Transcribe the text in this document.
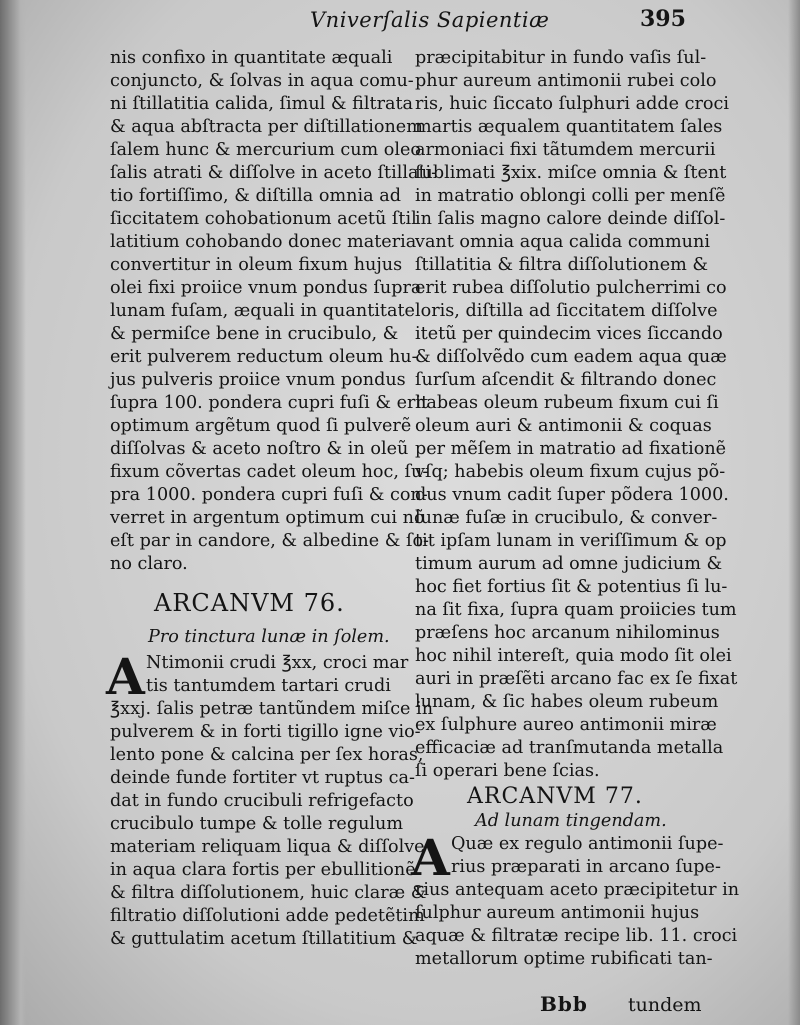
Vniverſalis Sapientiæ	395
nis confixo in quantitate æquali
conjuncto, & ſolvas in aqua comu-
ni ſtillatitia calida, ſimul & filtrata
& aqua abſtracta per diſtillationem
ſalem hunc & mercurium cum oleo
ſalis atrati & diſſolve in aceto ſtillati-
tio fortiſſimo, & diſtilla omnia ad
ſiccitatem cohobationum acetũ ſtil
latitium cohobando donec materia
convertitur in oleum fixum hujus
olei fixi proiice vnum pondus ſupra
lunam fuſam, æquali in quantitate
& permiſce bene in crucibulo, &
erit pulverem reductum oleum hu-
jus pulveris proiice vnum pondus
ſupra 100. pondera cupri fuſi & erit
optimum argẽtum quod ſi pulverẽ
diſſolvas & aceto noſtro & in oleũ
fixum cõvertas cadet oleum hoc, ſu-
pra 1000. pondera cupri fuſi & con-
verret in argentum optimum cui nõ
eſt par in candore, & albedine & ſo-
no claro.
ARCANVM 76.
Pro tinctura lunæ in ſolem.
A Ntimonii crudi ℥xx, croci mar
tis tantumdem tartari crudi
℥xxj. ſalis petræ tantũndem miſce in
pulverem & in forti tigillo igne vio-
lento pone & calcina per ſex horas,
deinde funde fortiter vt ruptus ca-
dat in fundo crucibuli refrigefacto
crucibulo tumpe & tolle regulum
materiam reliquam liqua & diſſolve
in aqua clara fortis per ebullitionẽ
& filtra diſſolutionem, huic claræ &
filtratio diſſolutioni adde pedetẽtim
& guttulatim acetum ſtillatitium &
præcipitabitur in fundo vaſis ſul-
phur aureum antimonii rubei colo
ris, huic ſiccato ſulphuri adde croci
martis æqualem quantitatem ſales
armoniaci fixi tãtumdem mercurii
ſublimati ℥xix. miſce omnia & ſtent
in matratio oblongi colli per menſẽ
in ſalis magno calore deinde diſſol-
vant omnia aqua calida communi
ſtillatitia & filtra diſſolutionem &
erit rubea diſſolutio pulcherrimi co
loris, diſtilla ad ſiccitatem diſſolve
itetũ per quindecim vices ſiccando
& diſſolvẽdo cum eadem aqua quæ
ſurſum aſcendit & filtrando donec
habeas oleum rubeum fixum cui ſi
oleum auri & antimonii & coquas
per mẽſem in matratio ad fixationẽ
vſq; habebis oleum fixum cujus põ-
dus vnum cadit ſuper põdera 1000.
lunæ fuſæ in crucibulo, & conver-
tit ipſam lunam in veriſſimum & op
timum aurum ad omne judicium &
hoc fiet fortius ſit & potentius ſi lu-
na ſit fixa, ſupra quam proiicies tum
præſens hoc arcanum nihilominus
hoc nihil intereſt, quia modo ſit olei
auri in præſẽti arcano fac ex ſe fixat
lunam, & ſic habes oleum rubeum
ex ſulphure aureo antimonii miræ
efficaciæ ad tranſmutanda metalla
ſi operari bene ſcias.
ARCANVM 77.
Ad lunam tingendam.
A Quæ ex regulo antimonii ſupe-
rius præparati in arcano ſupe-
rius antequam aceto præcipitetur in
ſulphur aureum antimonii hujus
aquæ & filtratæ recipe lib. 11. croci
metallorum optime rubificati tan-
Bbb tundem
